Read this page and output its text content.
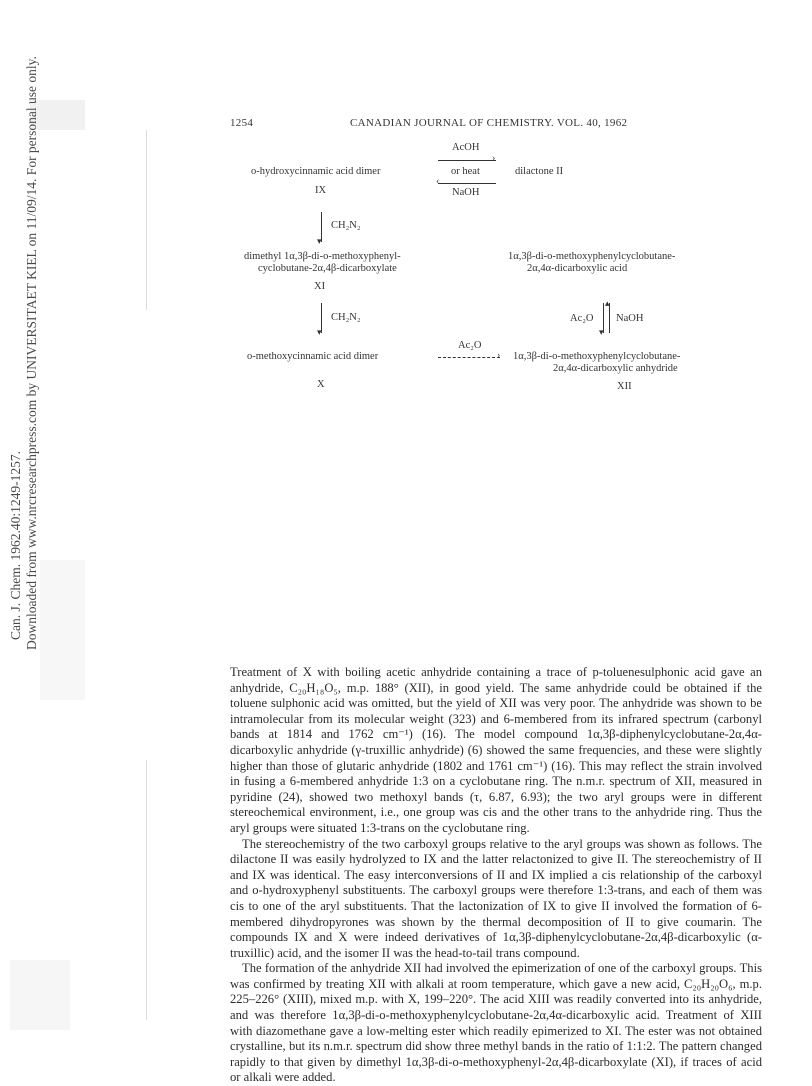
Can. J. Chem. 1962.40:1249-1257. Downloaded from www.nrcresearchpress.com by UNIVERSITAET KIEL on 11/09/14. For personal use only.	1254	CANADIAN JOURNAL OF CHEMISTRY. VOL. 40, 1962
o-hydroxycinnamic acid dimer
IX
AcOH
›
or heat
‹
NaOH
dilactone II
▾
CH₂N₂
dimethyl 1α,3β-di-o-methoxyphenyl-
cyclobutane-2α,4β-dicarboxylate
XI
1α,3β-di-o-methoxyphenylcyclobutane-
2α,4α-dicarboxylic acid
▾
CH₂N₂	Ac₂O
▾
▴
NaOH
o-methoxycinnamic acid dimer
X
Ac₂O
› 1α,3β-di-o-methoxyphenylcyclobutane-
2α,4α-dicarboxylic anhydride
XII

Treatment of X with boiling acetic anhydride containing a trace of p-toluenesulphonic acid gave an anhydride, C₂₀H₁₈O₅, m.p. 188° (XII), in good yield. The same anhydride could be obtained if the toluene sulphonic acid was omitted, but the yield of XII was very poor. The anhydride was shown to be intramolecular from its molecular weight (323) and 6-membered from its infrared spectrum (carbonyl bands at 1814 and 1762 cm⁻¹) (16). The model compound 1α,3β-diphenylcyclobutane-2α,4α-dicarboxylic anhydride (γ-truxillic anhydride) (6) showed the same frequencies, and these were slightly higher than those of glutaric anhydride (1802 and 1761 cm⁻¹) (16). This may reflect the strain involved in fusing a 6-membered anhydride 1:3 on a cyclobutane ring. The n.m.r. spectrum of XII, measured in pyridine (24), showed two methoxyl bands (τ, 6.87, 6.93); the two aryl groups were in different stereochemical environment, i.e., one group was cis and the other trans to the anhydride ring. Thus the aryl groups were situated 1:3-trans on the cyclobutane ring.

The stereochemistry of the two carboxyl groups relative to the aryl groups was shown as follows. The dilactone II was easily hydrolyzed to IX and the latter relactonized to give II. The stereochemistry of II and IX was identical. The easy interconversions of II and IX implied a cis relationship of the carboxyl and o-hydroxyphenyl substituents. The carboxyl groups were therefore 1:3-trans, and each of them was cis to one of the aryl substituents. That the lactonization of IX to give II involved the formation of 6-membered dihydropyrones was shown by the thermal decomposition of II to give coumarin. The compounds IX and X were indeed derivatives of 1α,3β-diphenylcyclobutane-2α,4β-dicarboxylic (α-truxillic) acid, and the isomer II was the head-to-tail trans compound.

The formation of the anhydride XII had involved the epimerization of one of the carboxyl groups. This was confirmed by treating XII with alkali at room temperature, which gave a new acid, C₂₀H₂₀O₆, m.p. 225–226° (XIII), mixed m.p. with X, 199–220°. The acid XIII was readily converted into its anhydride, and was therefore 1α,3β-di-o-methoxyphenylcyclobutane-2α,4α-dicarboxylic acid. Treatment of XIII with diazomethane gave a low-melting ester which readily epimerized to XI. The ester was not obtained crystalline, but its n.m.r. spectrum did show three methyl bands in the ratio of 1:1:2. The pattern changed rapidly to that given by dimethyl 1α,3β-di-o-methoxyphenyl-2α,4β-dicarboxylate (XI), if traces of acid or alkali were added.
